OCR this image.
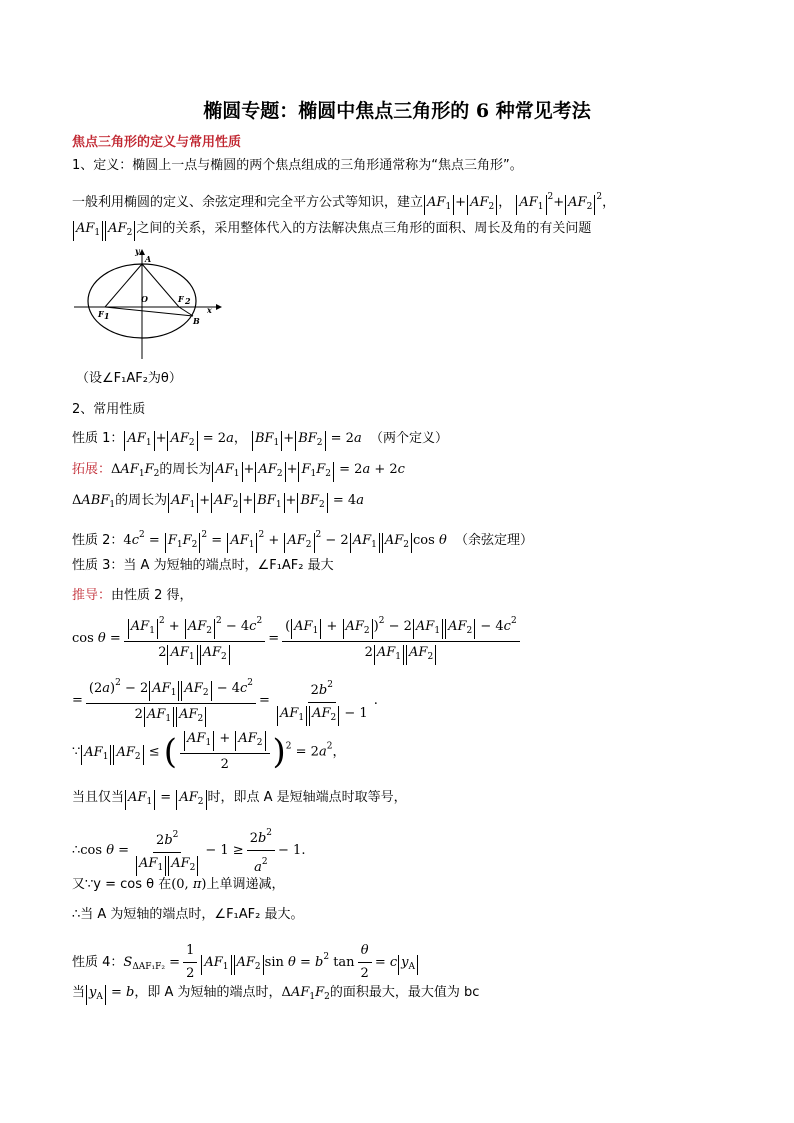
椭圆专题：椭圆中焦点三角形的 6 种常见考法
焦点三角形的定义与常用性质
1、定义：椭圆上一点与椭圆的两个焦点组成的三角形通常称为“焦点三角形”。
一般利用椭圆的定义、余弦定理和完全平方公式等知识，建立 $AF_1 + AF_2$ ， $AF_1^2+ AF_2^2$，
$AF_1$ $AF_2$ 之间的关系，采用整体代入的方法解决焦点三角形的面积、周长及角的有关问题
A
y
O	F 2
F 1	B
x
（设∠F₁AF₂为θ）
2、常用性质
性质 1： $AF_1 + AF_2 = 2a$， $BF_1 + BF_2 = 2a$ （两个定义）
拓展：$\Delta AF_1F_2$的周长为 $AF_1 + AF_2 + F_1F_2 = 2a + 2c$
$\Delta ABF_1$的周长为 $AF_1 + AF_2 + BF_1 + BF_2 = 4a$
性质 2：$4c^2 = F_1F_2^2 = AF_1^2 + AF_2^2 - 2$ $AF_1$ $AF_2$ cos θ （余弦定理）
性质 3：当 A 为短轴的端点时，∠F₁AF₂ 最大
推导：由性质 2 得，
$\cos \theta = \frac{AF_1^2 + AF_2^2 - 4c^2}{2 AF_1 AF_2} = \frac{( AF_1 + AF_2 )^2 - 2 AF_1 AF_2 - 4c^2}{2 AF_1 AF_2}$
= $\frac{(2a)^2 - 2 AF_1 AF_2 - 4c^2}{2 AF_1 AF_2} = \frac{2b^2}{AF_1 AF_2 - 1}$ .
∵ $AF_1$ $AF_2$ ≤ ( $\frac{AF_1 + AF_2}{2} )^2 = 2a^2$，
当且仅当 $AF_1 = AF_2$ 时，即点 A 是短轴端点时取等号，
∴cos $\theta = \frac{2b^2}{AF_1 AF_2} - 1 \ge \frac{2b^2}{a^2} - 1$.
又∵y = cos θ 在(0, π)上单调递减，
∴当 A 为短轴的端点时，∠F₁AF₂ 最大。
性质 4：$S_{\Delta AF_1F_2} = \frac{1}{2} AF_1$ $AF_2$ $\sin \theta = b^2$ $\tan \frac{\theta}{2} = c$ $y_A$
当 $y_A = b$，即 A 为短轴的端点时，$\Delta AF_1F_2$的面积最大，最大值为 bc
